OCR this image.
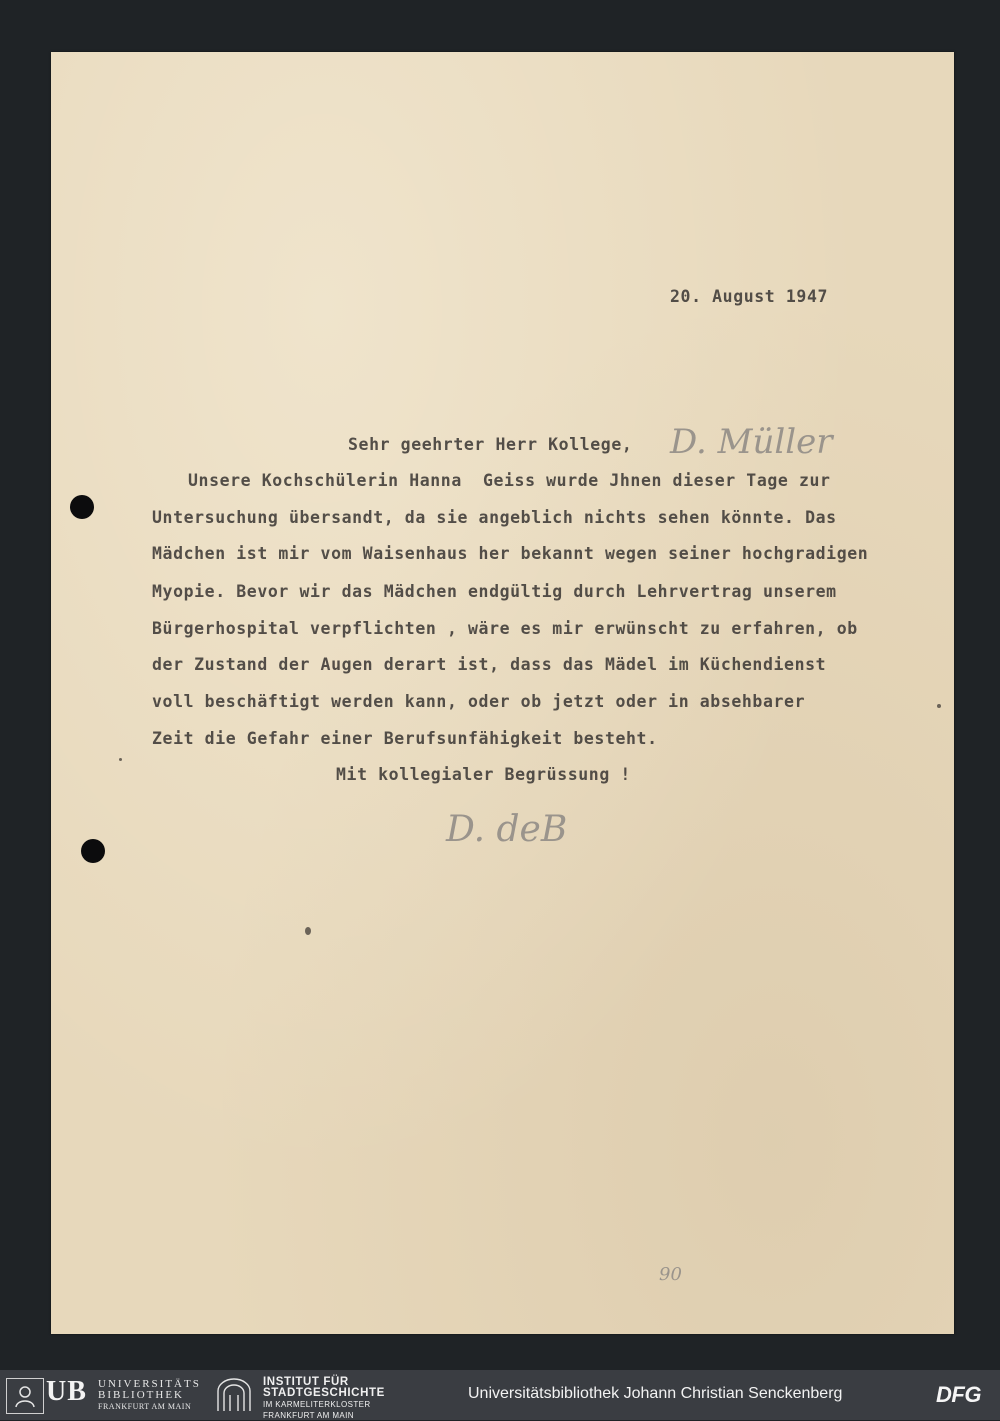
20. August 1947
Sehr geehrter Herr Kollege, D. Müller
Unsere Kochschülerin Hanna  Geiss wurde Jhnen dieser Tage zur
Untersuchung übersandt, da sie angeblich nichts sehen könnte. Das
Mädchen ist mir vom Waisenhaus her bekannt wegen seiner hochgradigen
Myopie. Bevor wir das Mädchen endgültig durch Lehrvertrag unserem
Bürgerhospital verpflichten , wäre es mir erwünscht zu erfahren, ob
der Zustand der Augen derart ist, dass das Mädel im Küchendienst
voll beschäftigt werden kann, oder ob jetzt oder in absehbarer
Zeit die Gefahr einer Berufsunfähigkeit besteht.
Mit kollegialer Begrüssung !
D. deB
90
UB UNIVERSITÄTS
BIBLIOTHEK
FRANKFURT AM MAIN
INSTITUT FÜR
STADTGESCHICHTE
IM KARMELITERKLOSTER
FRANKFURT AM MAIN
Universitätsbibliothek Johann Christian Senckenberg	DFG
